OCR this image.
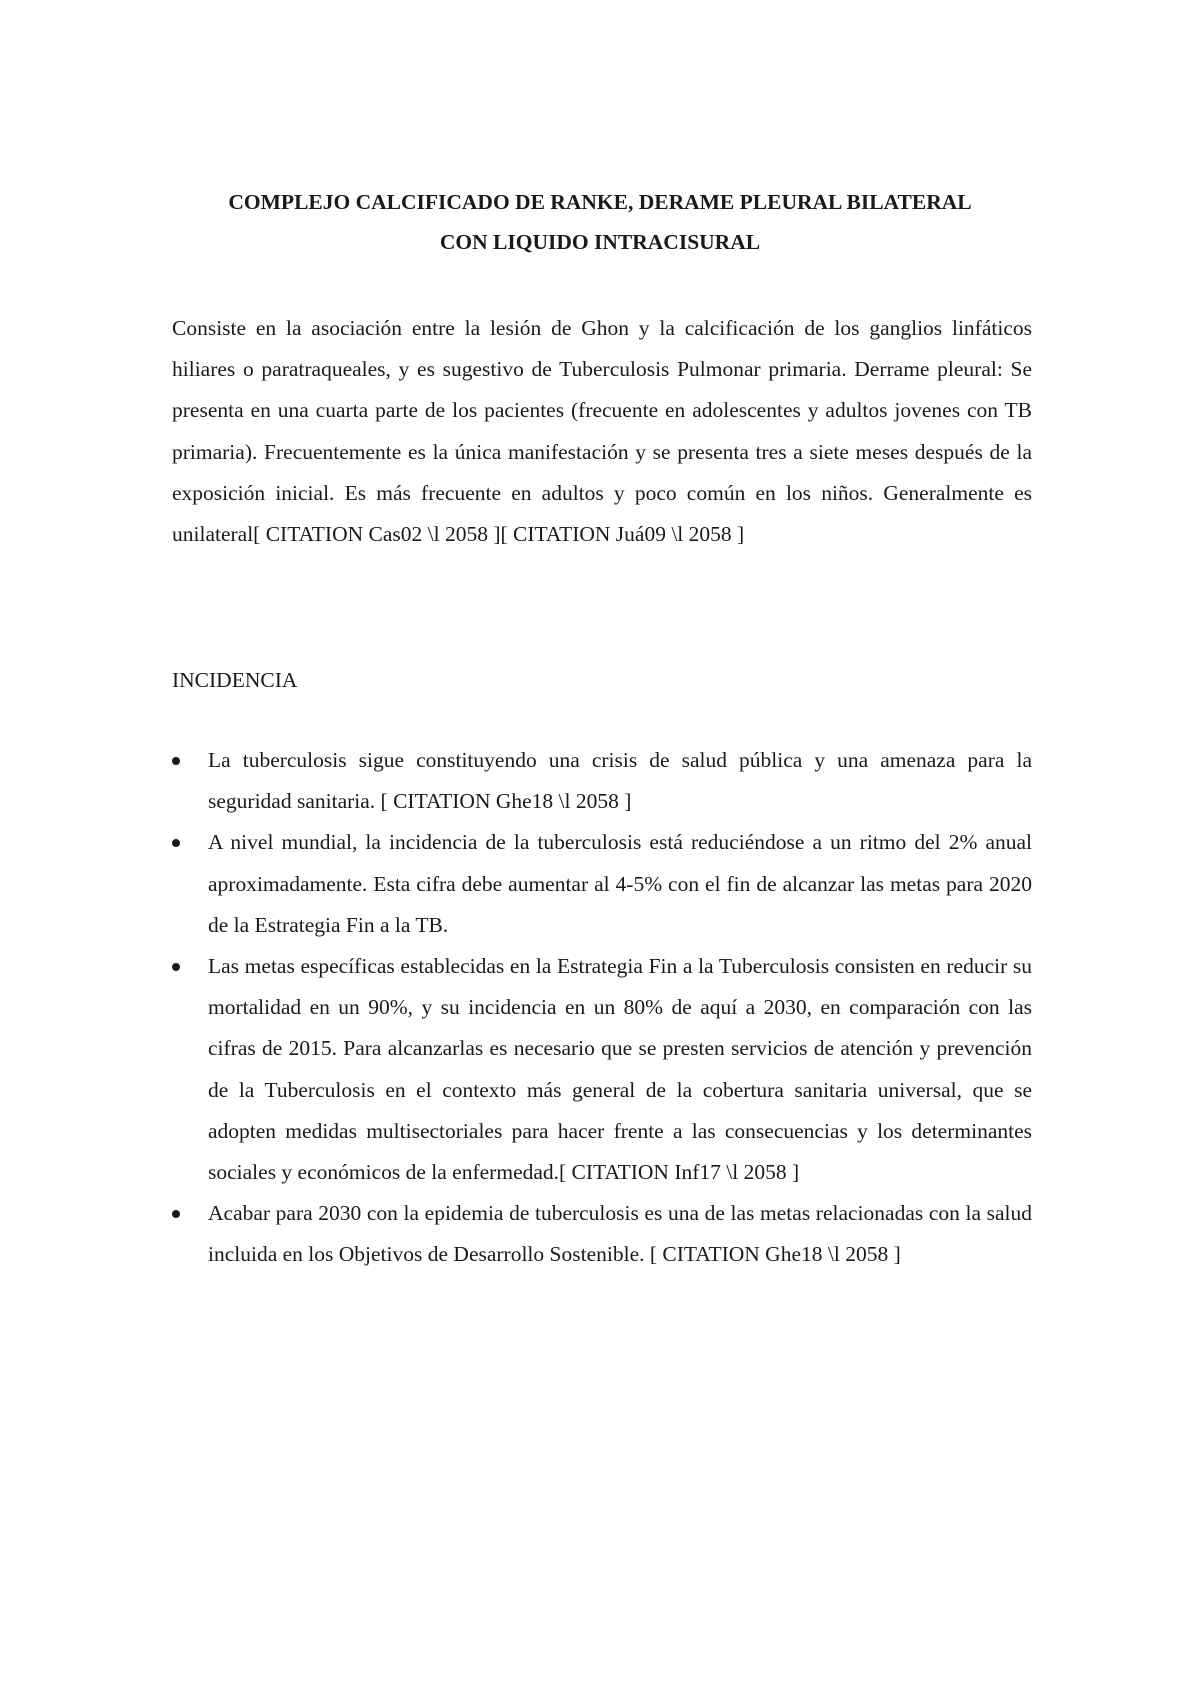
COMPLEJO CALCIFICADO DE RANKE, DERAME PLEURAL BILATERAL
CON LIQUIDO INTRACISURAL

Consiste en la asociación entre la lesión de Ghon y la calcificación de los ganglios linfáticos hiliares o paratraqueales, y es sugestivo de Tuberculosis Pulmonar primaria. Derrame pleural: Se presenta en una cuarta parte de los pacientes (frecuente en adolescentes y adultos jovenes con TB primaria). Frecuentemente es la única manifestación y se presenta tres a siete meses después de la exposición inicial. Es más frecuente en adultos y poco común en los niños. Generalmente es unilateral[ CITATION Cas02 \l 2058 ][ CITATION Juá09 \l 2058 ]

INCIDENCIA
La tuberculosis sigue constituyendo una crisis de salud pública y una amenaza para la seguridad sanitaria. [ CITATION Ghe18 \l 2058 ]
A nivel mundial, la incidencia de la tuberculosis está reduciéndose a un ritmo del 2% anual aproximadamente. Esta cifra debe aumentar al 4-5% con el fin de alcanzar las metas para 2020 de la Estrategia Fin a la TB.
Las metas específicas establecidas en la Estrategia Fin a la Tuberculosis consisten en reducir su mortalidad en un 90%, y su incidencia en un 80% de aquí a 2030, en comparación con las cifras de 2015. Para alcanzarlas es necesario que se presten servicios de atención y prevención de la Tuberculosis en el contexto más general de la cobertura sanitaria universal, que se adopten medidas multisectoriales para hacer frente a las consecuencias y los determinantes sociales y económicos de la enfermedad.[ CITATION Inf17 \l 2058 ]
Acabar para 2030 con la epidemia de tuberculosis es una de las metas relacionadas con la salud incluida en los Objetivos de Desarrollo Sostenible. [ CITATION Ghe18 \l 2058 ]
